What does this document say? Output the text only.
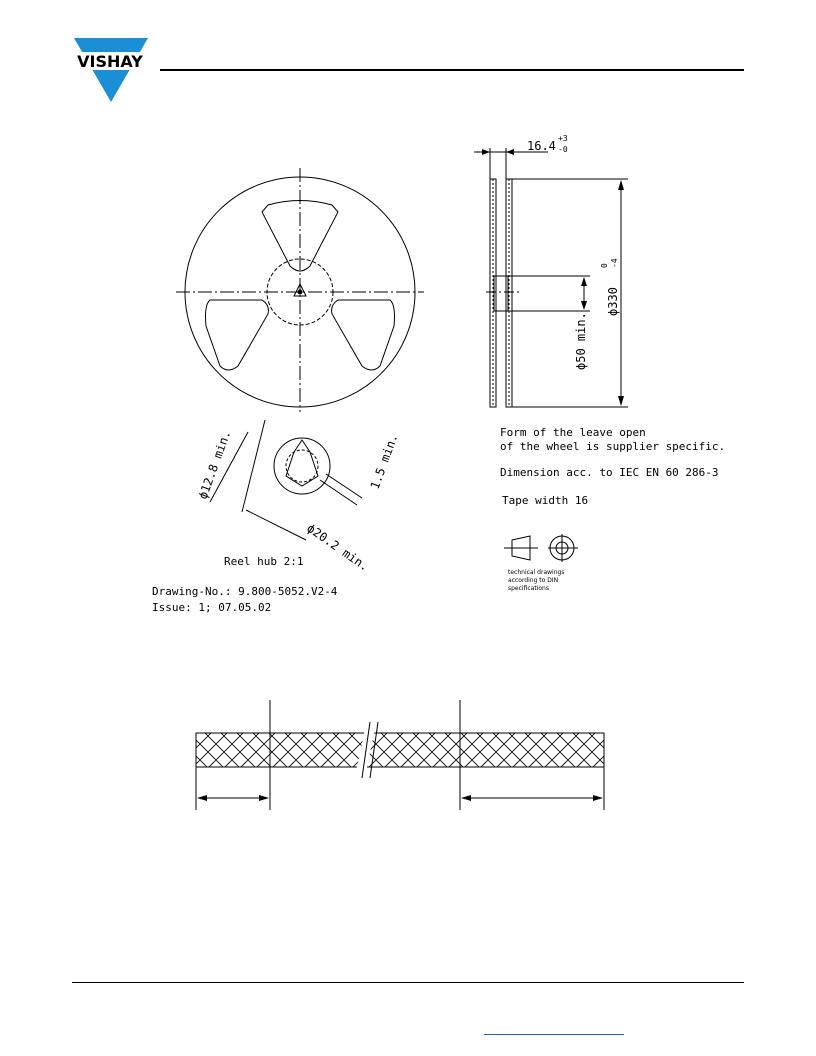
VISHAY
ϕ12.8 min.	1.5 min.
ϕ20.2 min.
Reel hub 2:1
Drawing-No.: 9.800-5052.V2-4
Issue: 1; 07.05.02
16.4
+3
-0
ϕ330
0 -4
ϕ50 min.
Form of the leave open
of the wheel is supplier specific.
Dimension acc. to IEC EN 60 286-3
Tape width 16
technical drawings
according to DIN
specifications
